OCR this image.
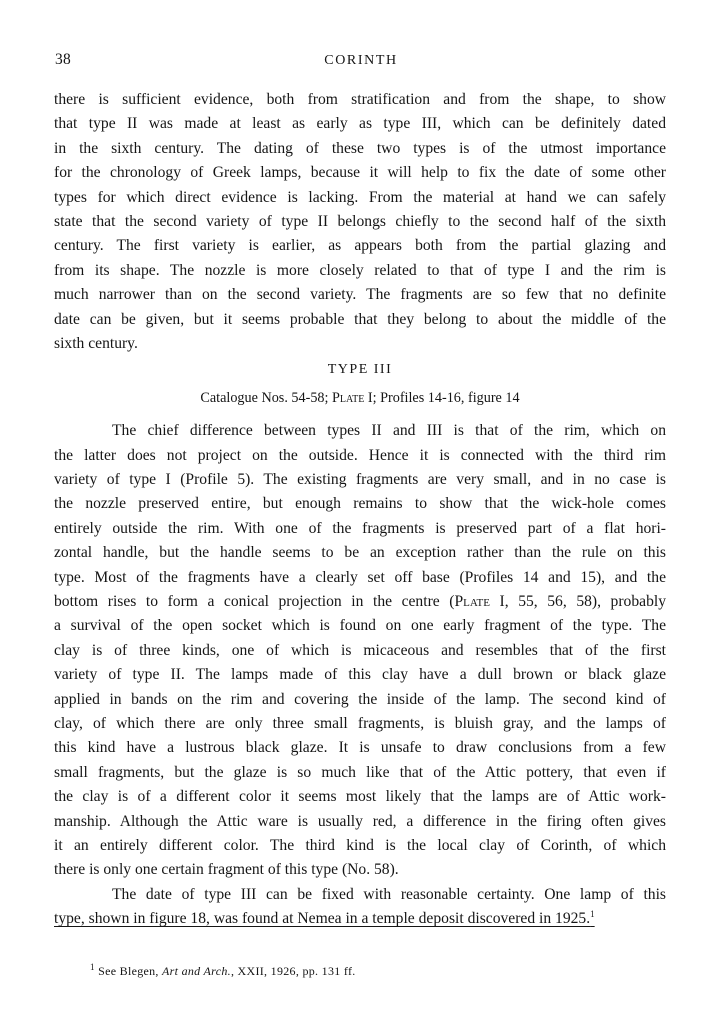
38	CORINTH
there is sufficient evidence, both from stratification and from the shape, to show
that type II was made at least as early as type III, which can be definitely dated
in the sixth century. The dating of these two types is of the utmost importance
for the chronology of Greek lamps, because it will help to fix the date of some other
types for which direct evidence is lacking. From the material at hand we can safely
state that the second variety of type II belongs chiefly to the second half of the sixth
century. The first variety is earlier, as appears both from the partial glazing and
from its shape. The nozzle is more closely related to that of type I and the rim is
much narrower than on the second variety. The fragments are so few that no definite
date can be given, but it seems probable that they belong to about the middle of the
sixth century.
TYPE III
Catalogue Nos. 54-58; Plate I; Profiles 14-16, figure 14
The chief difference between types II and III is that of the rim, which on
the latter does not project on the outside. Hence it is connected with the third rim
variety of type I (Profile 5). The existing fragments are very small, and in no case is
the nozzle preserved entire, but enough remains to show that the wick-hole comes
entirely outside the rim. With one of the fragments is preserved part of a flat hori-
zontal handle, but the handle seems to be an exception rather than the rule on this
type. Most of the fragments have a clearly set off base (Profiles 14 and 15), and the
bottom rises to form a conical projection in the centre (Plate I, 55, 56, 58), probably
a survival of the open socket which is found on one early fragment of the type. The
clay is of three kinds, one of which is micaceous and resembles that of the first
variety of type II. The lamps made of this clay have a dull brown or black glaze
applied in bands on the rim and covering the inside of the lamp. The second kind of
clay, of which there are only three small fragments, is bluish gray, and the lamps of
this kind have a lustrous black glaze. It is unsafe to draw conclusions from a few
small fragments, but the glaze is so much like that of the Attic pottery, that even if
the clay is of a different color it seems most likely that the lamps are of Attic work-
manship. Although the Attic ware is usually red, a difference in the firing often gives
it an entirely different color. The third kind is the local clay of Corinth, of which
there is only one certain fragment of this type (No. 58).
The date of type III can be fixed with reasonable certainty. One lamp of this
type, shown in figure 18, was found at Nemea in a temple deposit discovered in 1925.$^1$
$^1$ See Blegen, Art and Arch., XXII, 1926, pp. 131 ff.
